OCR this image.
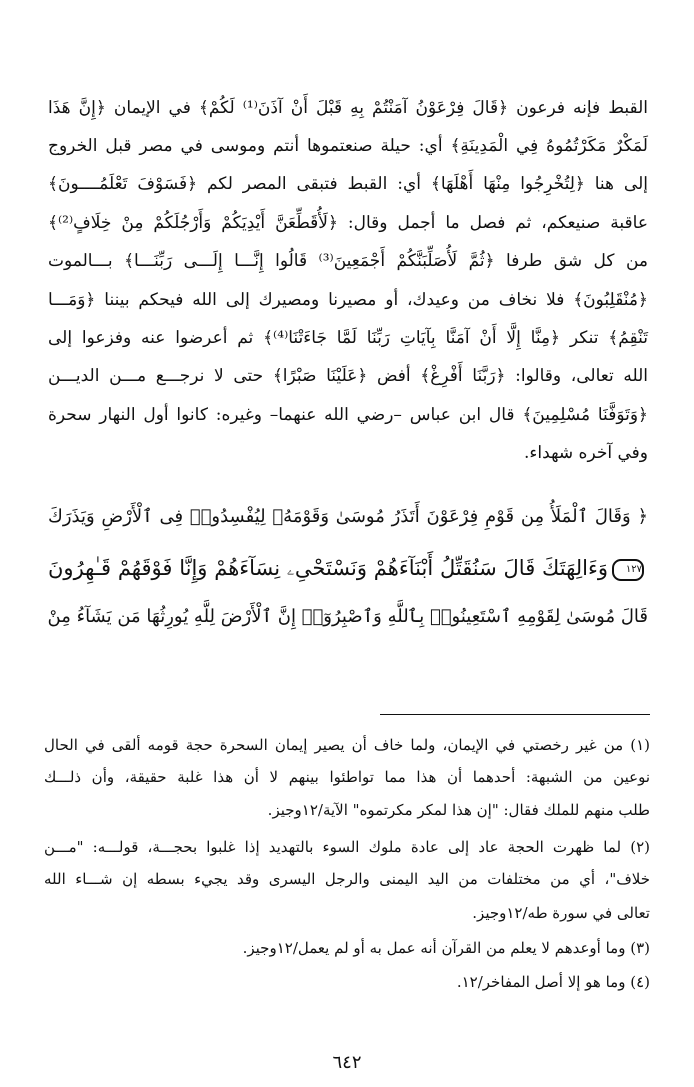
القبط فإنه فرعون ﴿قَالَ فِرْعَوْنُ آمَنْتُمْ بِهِ قَبْلَ أَنْ آذَنَ⁽¹⁾ لَكُمْ﴾ في الإيمان ﴿إِنَّ هَذَا
لَمَكْرٌ مَكَرْتُمُوهُ فِي الْمَدِينَةِ﴾ أي: حيلة صنعتموها أنتم وموسى في مصر قبل الخروج
إلى هنا ﴿لِتُخْرِجُوا مِنْهَا أَهْلَهَا﴾ أي: القبط فتبقى المصر لكم ﴿فَسَوْفَ تَعْلَمُــــونَ﴾
عاقبة صنيعكم، ثم فصل ما أجمل وقال: ﴿لَأُقَطِّعَنَّ أَيْدِيَكُمْ وَأَرْجُلَكُمْ مِنْ خِلَافٍ⁽²⁾﴾
من كل شق طرفا ﴿ثُمَّ لَأُصَلِّبَنَّكُمْ أَجْمَعِينَ⁽³⁾ قَالُوا إِنَّـــا إِلَـــى رَبِّنَـــا﴾ بـــالموت
﴿مُنْقَلِبُونَ﴾ فلا نخاف من وعيدك، أو مصيرنا ومصيرك إلى الله فيحكم بيننا ﴿وَمَـــا
تَنْقِمُ﴾ تنكر ﴿مِنَّا إِلَّا أَنْ آمَنَّا بِآيَاتِ رَبِّنَا لَمَّا جَاءَتْنَا⁽⁴⁾﴾ ثم أعرضوا عنه وفزعوا إلى
الله تعالى، وقالوا: ﴿رَبَّنَا أَفْرِغْ﴾ أفض ﴿عَلَيْنَا صَبْرًا﴾ حتى لا نرجـــع مـــن الديـــن
﴿وَتَوَفَّنَا مُسْلِمِينَ﴾ قال ابن عباس –رضي الله عنهما– وغيره: كانوا أول النهار سحرة
وفي آخره شهداء.
﴿ وَقَالَ ٱلْمَلَأُ مِن قَوْمِ فِرْعَوْنَ أَتَذَرُ مُوسَىٰ وَقَوْمَهُۥ لِيُفْسِدُوا۟ فِى ٱلْأَرْضِ وَيَذَرَكَ
١٢٧وَءَالِهَتَكَ قَالَ سَنُقَتِّلُ أَبْنَآءَهُمْ وَنَسْتَحْىِۦ نِسَآءَهُمْ وَإِنَّا فَوْقَهُمْ قَـٰهِرُونَ
قَالَ مُوسَىٰ لِقَوْمِهِ ٱسْتَعِينُوا۟ بِٱللَّهِ وَٱصْبِرُوٓا۟ إِنَّ ٱلْأَرْضَ لِلَّهِ يُورِثُهَا مَن يَشَآءُ مِنْ
(١) من غير رخصتي في الإيمان، ولما خاف أن يصير إيمان السحرة حجة قومه ألقى في الحال
نوعين من الشبهة: أحدهما أن هذا مما تواطئوا بينهم لا أن هذا غلبة حقيقة، وأن ذلـــك
طلب منهم للملك فقال: "إن هذا لمكر مكرتموه" الآية/١٢وجيز.
(٢) لما ظهرت الحجة عاد إلى عادة ملوك السوء بالتهديد إذا غلبوا بحجـــة، قولـــه: "مـــن
خلاف"، أي من مختلفات من اليد اليمنى والرجل اليسرى وقد يجيء بسطه إن شـــاء الله
تعالى في سورة طه/١٢وجيز.
(٣) وما أوعدهم لا يعلم من القرآن أنه عمل به أو لم يعمل/١٢وجيز.
(٤) وما هو إلا أصل المفاخر/١٢.
٦٤٢
